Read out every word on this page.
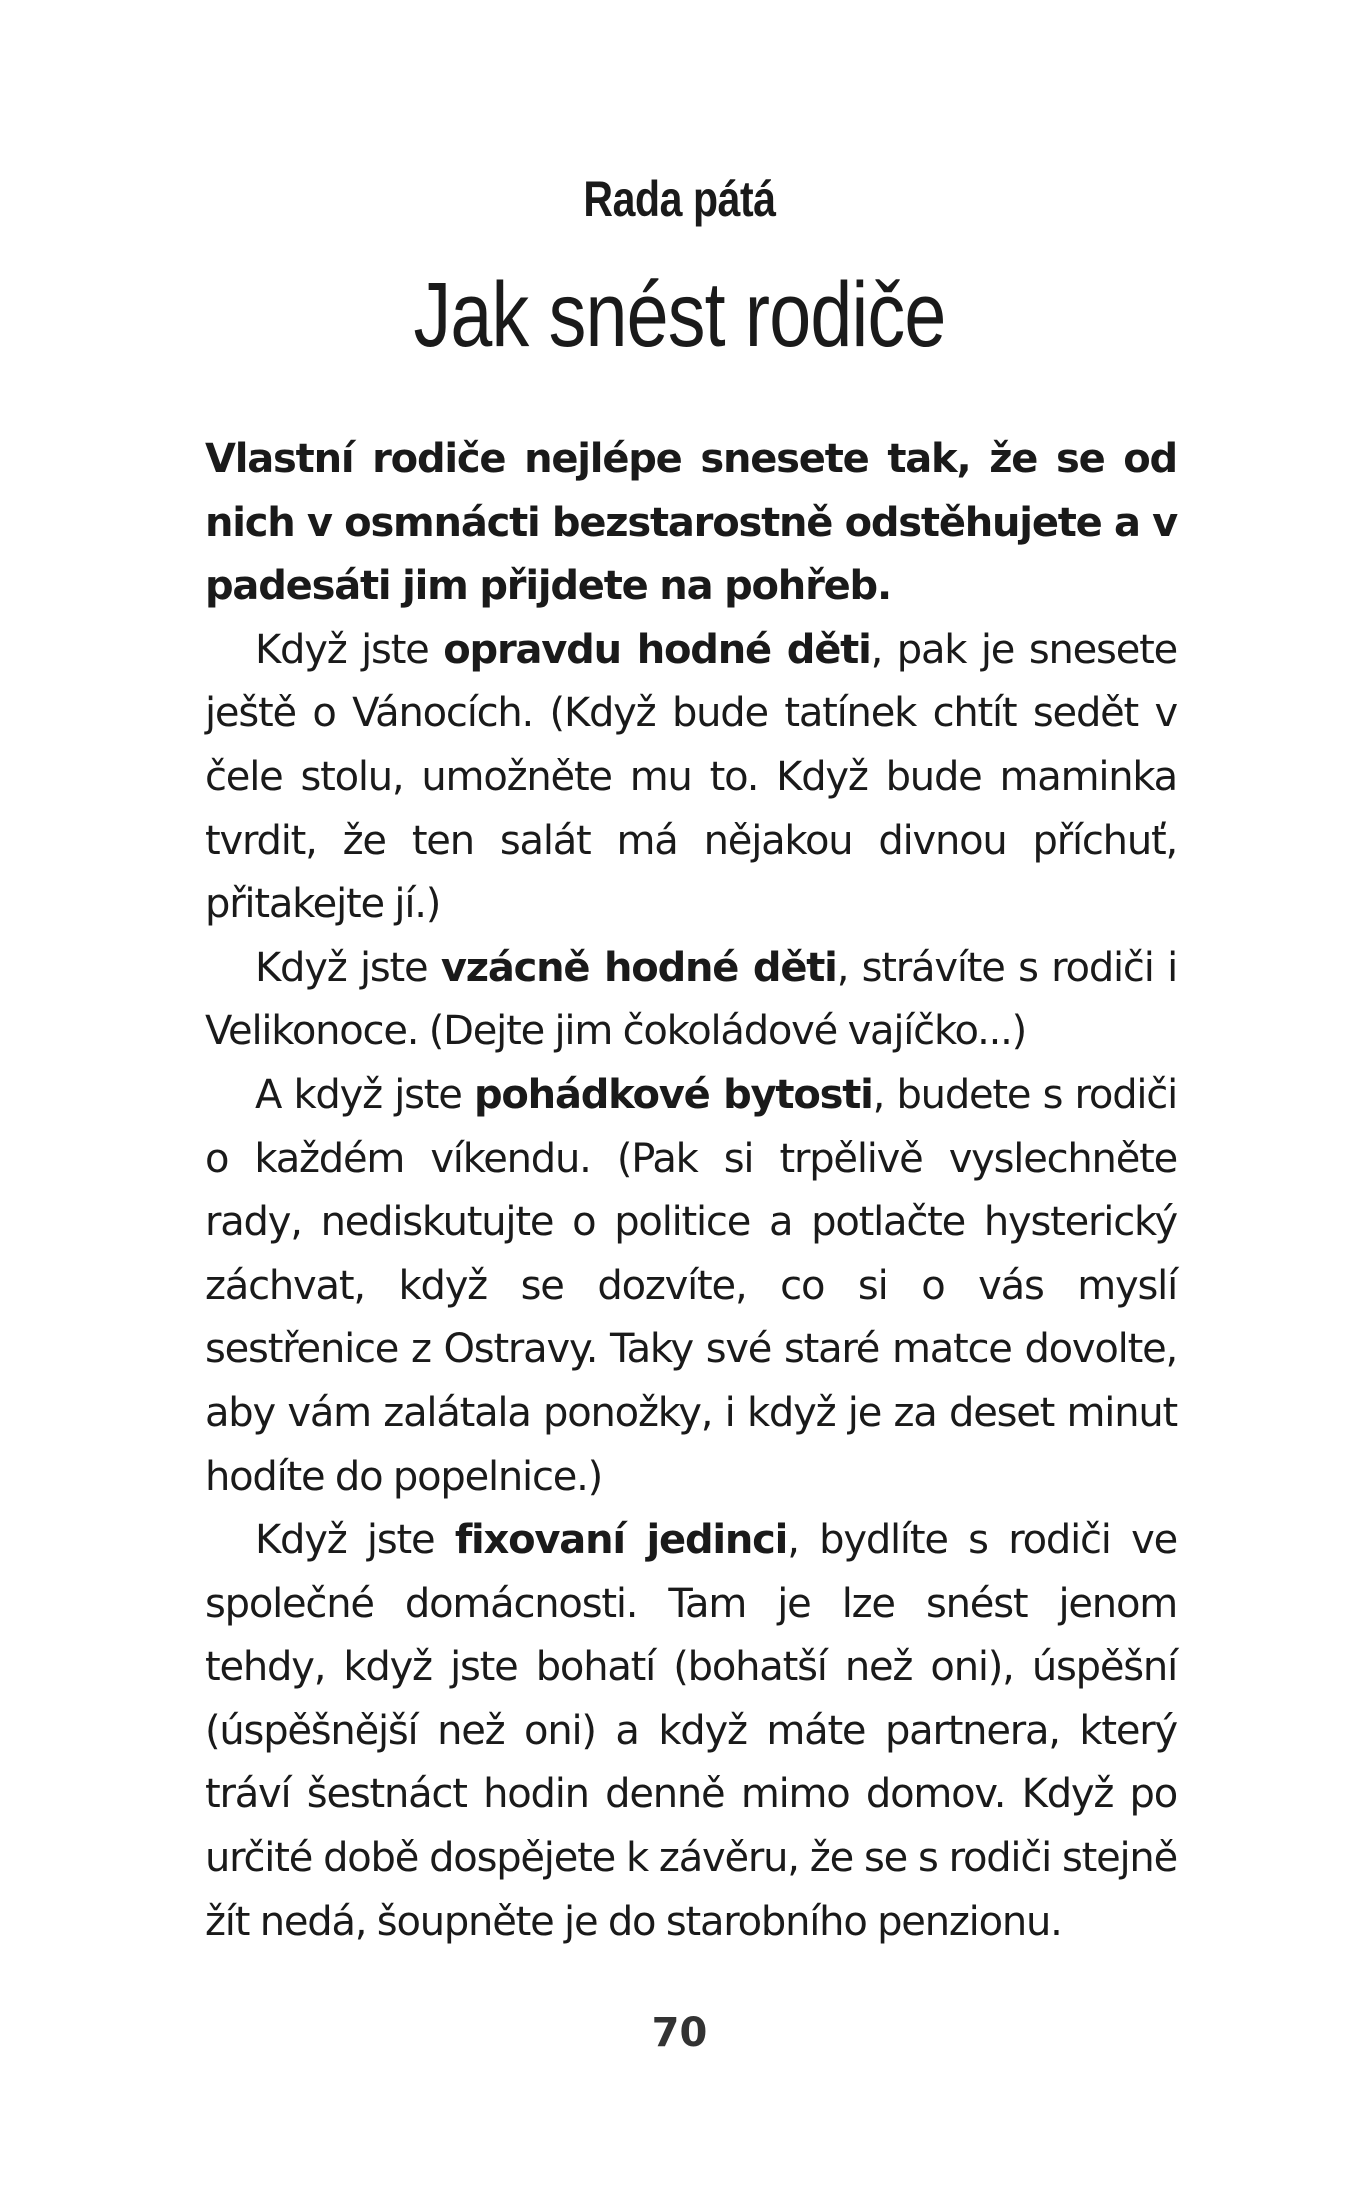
Rada pátá
Jak snést rodiče

Vlastní rodiče nejlépe snesete tak, že se od nich v osmnácti bezstarostně odstěhujete a v padesáti jim přijdete na pohřeb.

Když jste opravdu hodné děti, pak je snesete ještě o Vánocích. (Když bude tatínek chtít sedět v čele stolu, umožněte mu to. Když bude maminka tvrdit, že ten salát má nějakou divnou příchuť, přitakejte jí.)

Když jste vzácně hodné děti, strávíte s rodiči i Velikonoce. (Dejte jim čokoládové vajíčko...)

A když jste pohádkové bytosti, budete s rodiči o každém víkendu. (Pak si trpělivě vyslechněte rady, nediskutujte o politice a potlačte hysterický záchvat, když se dozvíte, co si o vás myslí sestřenice z Ostravy. Taky své staré matce dovolte, aby vám zalátala ponožky, i když je za deset minut hodíte do popelnice.)

Když jste fixovaní jedinci, bydlíte s rodiči ve společné domácnosti. Tam je lze snést jenom tehdy, když jste bohatí (bohatší než oni), úspěšní (úspěšnější než oni) a když máte partnera, který tráví šestnáct hodin denně mimo domov. Když po určité době dospějete k závěru, že se s rodiči stejně žít nedá, šoupněte je do starobního penzionu.

70
